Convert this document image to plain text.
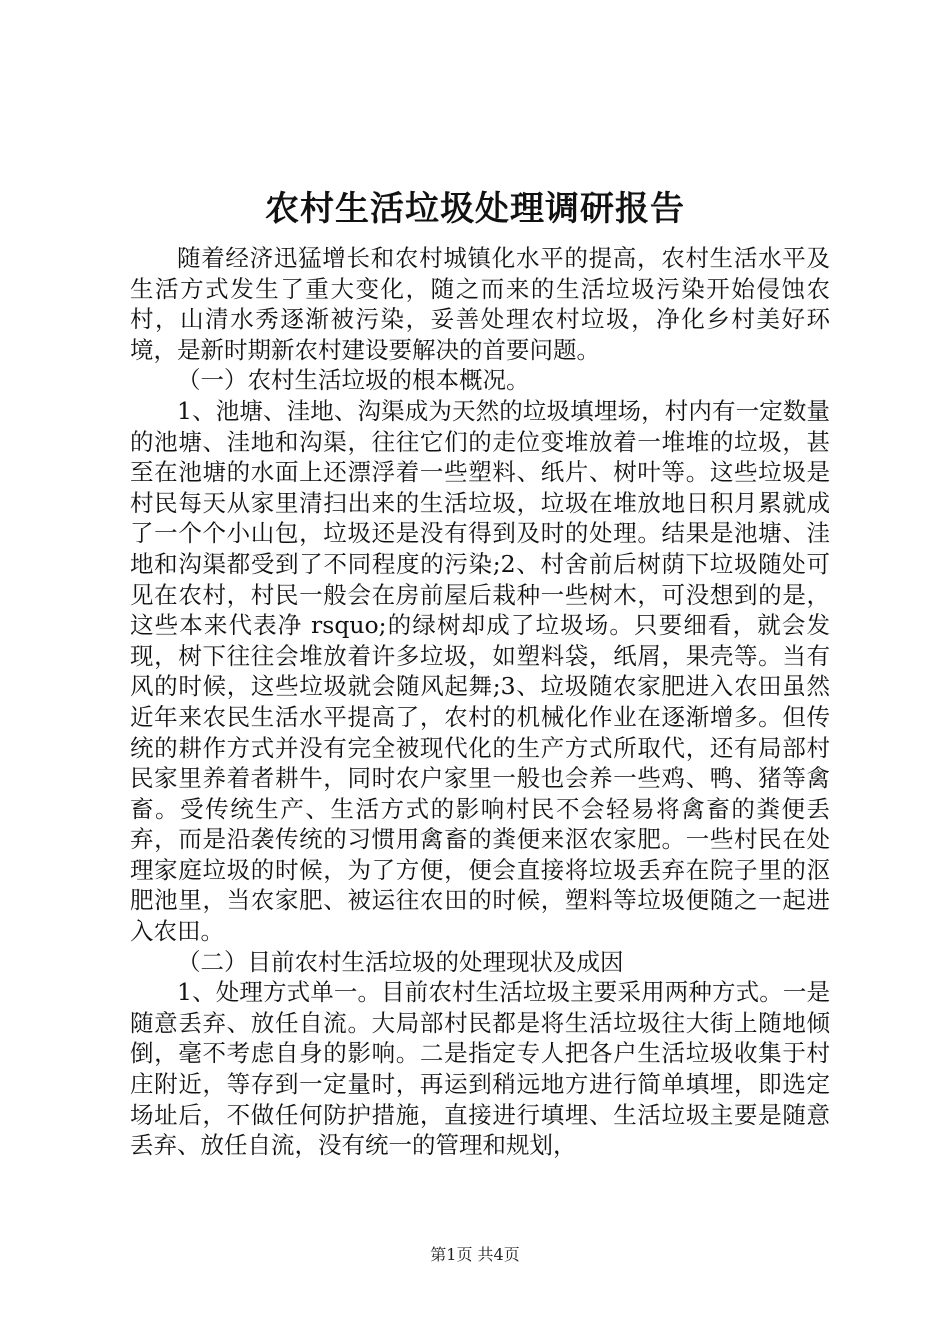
农村生活垃圾处理调研报告

随着经济迅猛增长和农村城镇化水平的提高，农村生活水平及生活方式发生了重大变化，随之而来的生活垃圾污染开始侵蚀农村，山清水秀逐渐被污染，妥善处理农村垃圾，净化乡村美好环境，是新时期新农村建设要解决的首要问题。

（一）农村生活垃圾的根本概况。

1、池塘、洼地、沟渠成为天然的垃圾填埋场，村内有一定数量的池塘、洼地和沟渠，往往它们的走位变堆放着一堆堆的垃圾，甚至在池塘的水面上还漂浮着一些塑料、纸片、树叶等。这些垃圾是村民每天从家里清扫出来的生活垃圾，垃圾在堆放地日积月累就成了一个个小山包，垃圾还是没有得到及时的处理。结果是池塘、洼地和沟渠都受到了不同程度的污染;2、村舍前后树荫下垃圾随处可见在农村，村民一般会在房前屋后栽种一些树木，可没想到的是，这些本来代表净 rsquo;的绿树却成了垃圾场。只要细看，就会发现，树下往往会堆放着许多垃圾，如塑料袋，纸屑，果壳等。当有风的时候，这些垃圾就会随风起舞;3、垃圾随农家肥进入农田虽然近年来农民生活水平提高了，农村的机械化作业在逐渐增多。但传统的耕作方式并没有完全被现代化的生产方式所取代，还有局部村民家里养着者耕牛，同时农户家里一般也会养一些鸡、鸭、猪等禽畜。受传统生产、生活方式的影响村民不会轻易将禽畜的粪便丢弃，而是沿袭传统的习惯用禽畜的粪便来沤农家肥。一些村民在处理家庭垃圾的时候，为了方便，便会直接将垃圾丢弃在院子里的沤肥池里，当农家肥、被运往农田的时候，塑料等垃圾便随之一起进入农田。

（二）目前农村生活垃圾的处理现状及成因

1、处理方式单一。目前农村生活垃圾主要采用两种方式。一是随意丢弃、放任自流。大局部村民都是将生活垃圾往大街上随地倾倒，毫不考虑自身的影响。二是指定专人把各户生活垃圾收集于村庄附近，等存到一定量时，再运到稍远地方进行简单填埋，即选定场址后，不做任何防护措施，直接进行填埋、生活垃圾主要是随意丢弃、放任自流，没有统一的管理和规划，

第1页 共4页
